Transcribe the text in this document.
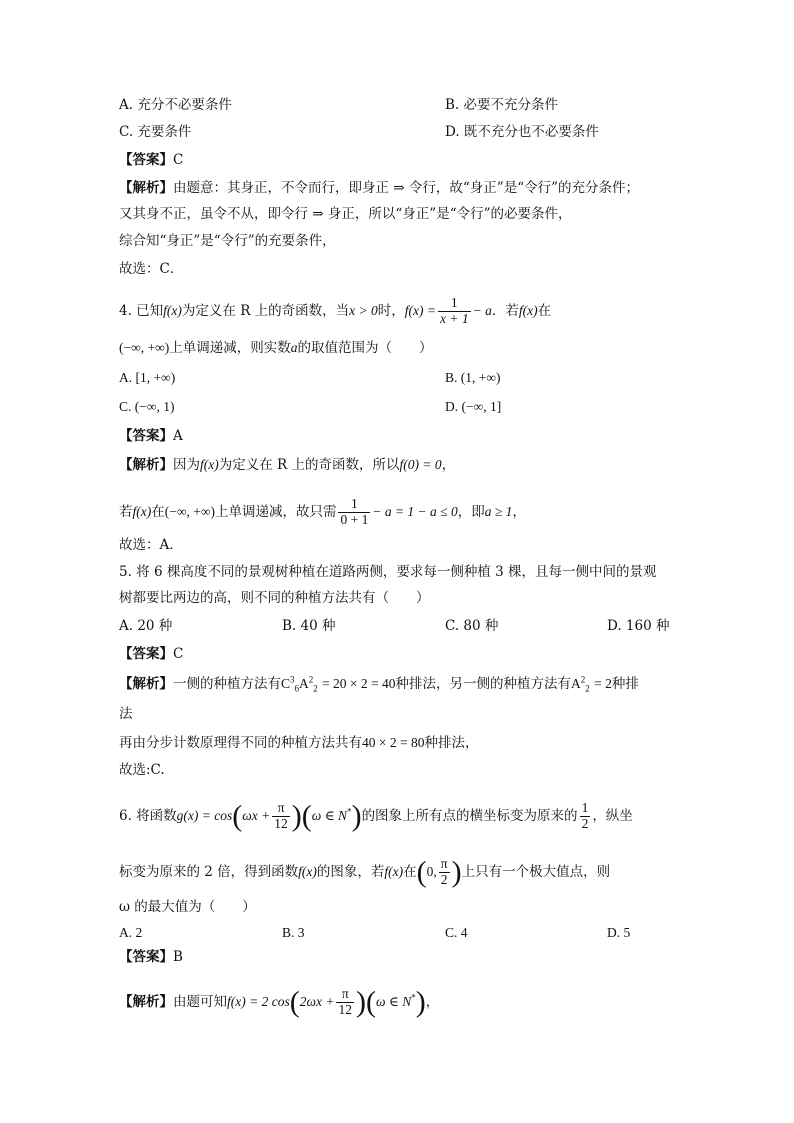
A. 充分不必要条件	B. 必要不充分条件
C. 充要条件	D. 既不充分也不必要条件
【答案】C
【解析】由题意：其身正，不令而行，即身正 ⇒ 令行，故“身正”是“令行”的充分条件；
又其身不正，虽令不从，即令行 ⇒ 身正，所以“身正”是“令行”的必要条件，
综合知“身正”是“令行”的充要条件，
故选：C．
4. 已知f(x)为定义在 R 上的奇函数，当x > 0时，$f(x) = \frac{1}{x + 1} - a$．若f(x)在
(−∞, +∞)上单调递减，则实数a的取值范围为（　　）
A. [1, +∞)	B. (1, +∞)
C. (−∞, 1)	D. (−∞, 1]
【答案】A
【解析】因为f(x)为定义在 R 上的奇函数，所以f(0) = 0，
若f(x)在(−∞, +∞)上单调递减，故只需 $\frac{1}{0 + 1} - a = 1 - a \le 0$，即a ≥ 1，
故选：A．
5. 将 6 棵高度不同的景观树种植在道路两侧，要求每一侧种植 3 棵，且每一侧中间的景观
树都要比两边的高，则不同的种植方法共有（　　）
A. 20 种	B. 40 种	C. 80 种	D. 160 种
【答案】C
【解析】一侧的种植方法有$C^3_6A^2_2 = 20 \times 2 = 40$种排法，另一侧的种植方法有$A^2_2 = 2$种排
法
再由分步计数原理得不同的种植方法共有40 × 2 = 80种排法，
故选:C.
6. 将函数$g(x) = \cos(\omega x + \frac{\pi}{12} )(\omega$ ∈ N*)的图象上所有点的横坐标变为原来的 $\frac{1}{2}$ ，纵坐
标变为原来的 2 倍，得到函数f(x)的图象，若f(x)在(0, $\frac{\pi}{2}$ )上只有一个极大值点，则
ω 的最大值为（　　）
A. 2	B. 3	C. 4	D. 5
【答案】B
【解析】由题可知f(x) = 2 $\cos(2\omega x + \frac{\pi}{12} )(\omega$ ∈ N*)，
